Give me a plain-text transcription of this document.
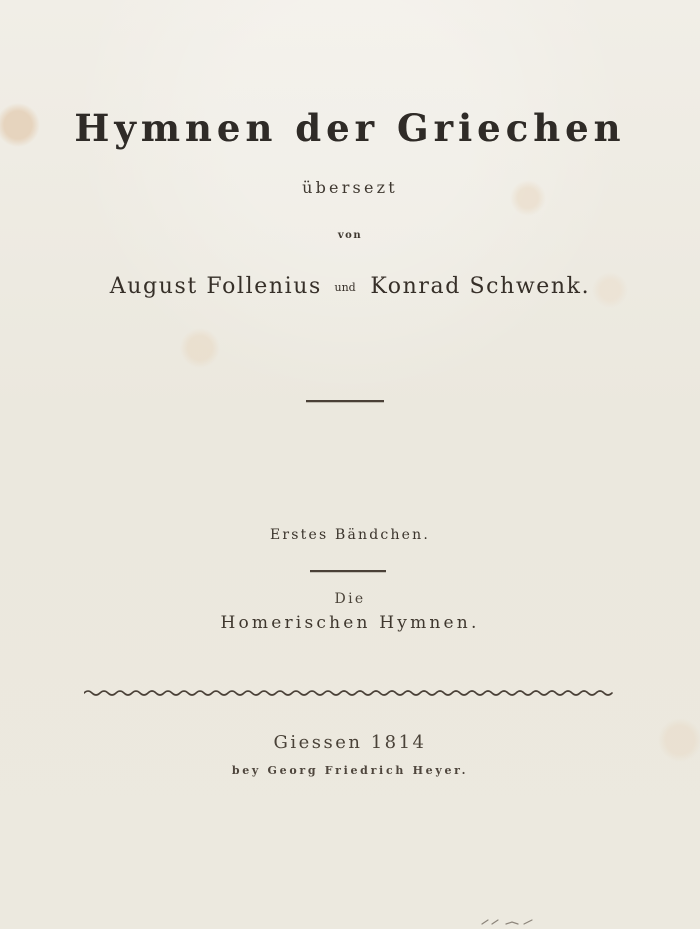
Hymnen der Griechen
übersezt
von
August Follenius und Konrad Schwenk.
Erstes Bändchen.
Die
Homerischen Hymnen.
Giessen 1814
bey Georg Friedrich Heyer.
